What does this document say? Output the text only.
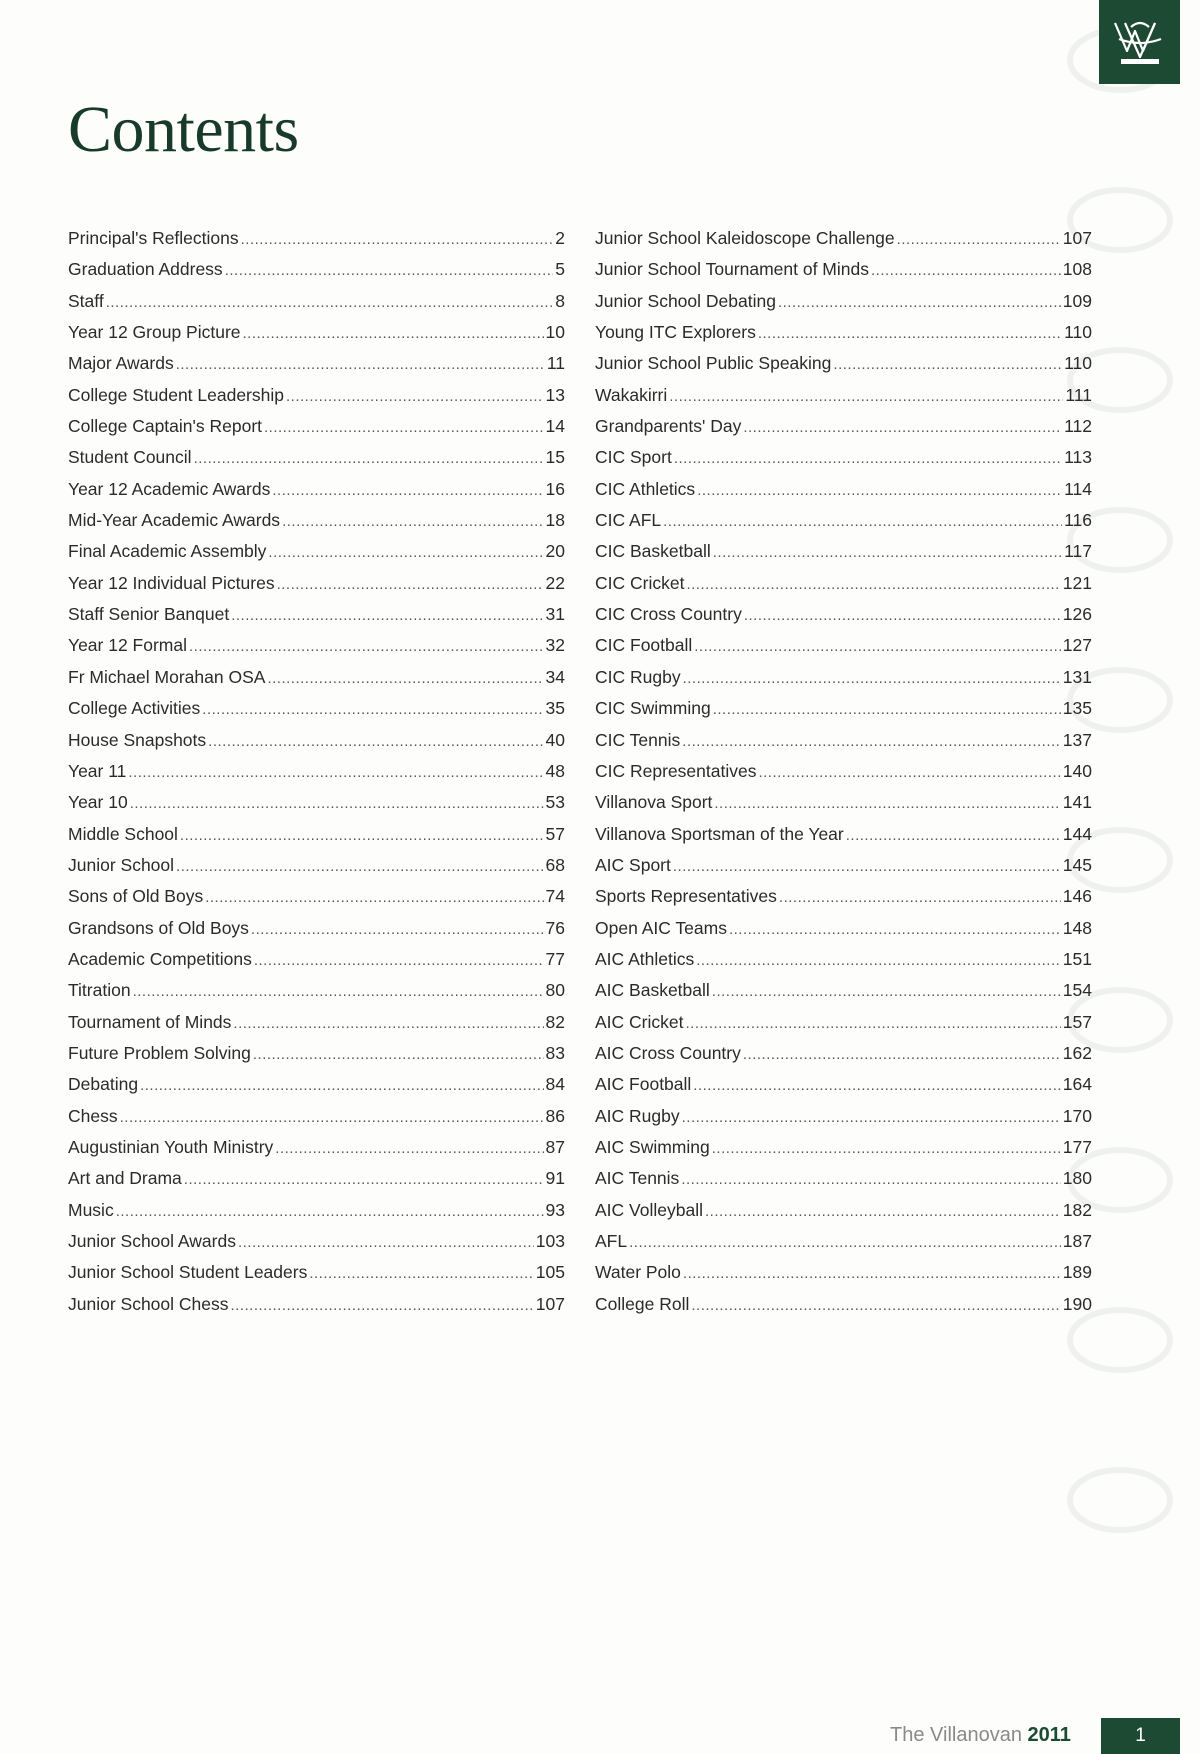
Contents
Principal's Reflections .....	2
Graduation Address .....	5
Staff .....	8
Year 12 Group Picture .....	10
Major Awards .....	11
College Student Leadership .....	13
College Captain's Report .....	14
Student Council .....	15
Year 12 Academic Awards .....	16
Mid-Year Academic Awards .....	18
Final Academic Assembly .....	20
Year 12 Individual Pictures .....	22
Staff Senior Banquet .....	31
Year 12 Formal .....	32
Fr Michael Morahan OSA .....	34
College Activities .....	35
House Snapshots .....	40
Year 11 .....	48
Year 10 .....	53
Middle School .....	57
Junior School .....	68
Sons of Old Boys .....	74
Grandsons of Old Boys .....	76
Academic Competitions .....	77
Titration .....	80
Tournament of Minds .....	82
Future Problem Solving .....	83
Debating .....	84
Chess .....	86
Augustinian Youth Ministry .....	87
Art and Drama .....	91
Music .....	93
Junior School Awards .....	103
Junior School Student Leaders .....	105
Junior School Chess .....	107
Junior School Kaleidoscope Challenge .....	107
Junior School Tournament of Minds .....	108
Junior School Debating .....	109
Young ITC Explorers .....	110
Junior School Public Speaking .....	110
Wakakirri .....	111
Grandparents' Day .....	112
CIC Sport .....	113
CIC Athletics .....	114
CIC AFL .....	116
CIC Basketball .....	117
CIC Cricket .....	121
CIC Cross Country .....	126
CIC Football .....	127
CIC Rugby .....	131
CIC Swimming .....	135
CIC Tennis .....	137
CIC Representatives .....	140
Villanova Sport .....	141
Villanova Sportsman of the Year .....	144
AIC Sport .....	145
Sports Representatives .....	146
Open AIC Teams .....	148
AIC Athletics .....	151
AIC Basketball .....	154
AIC Cricket .....	157
AIC Cross Country .....	162
AIC Football .....	164
AIC Rugby .....	170
AIC Swimming .....	177
AIC Tennis .....	180
AIC Volleyball .....	182
AFL .....	187
Water Polo .....	189
College Roll .....	190
The Villanovan 2011	1
